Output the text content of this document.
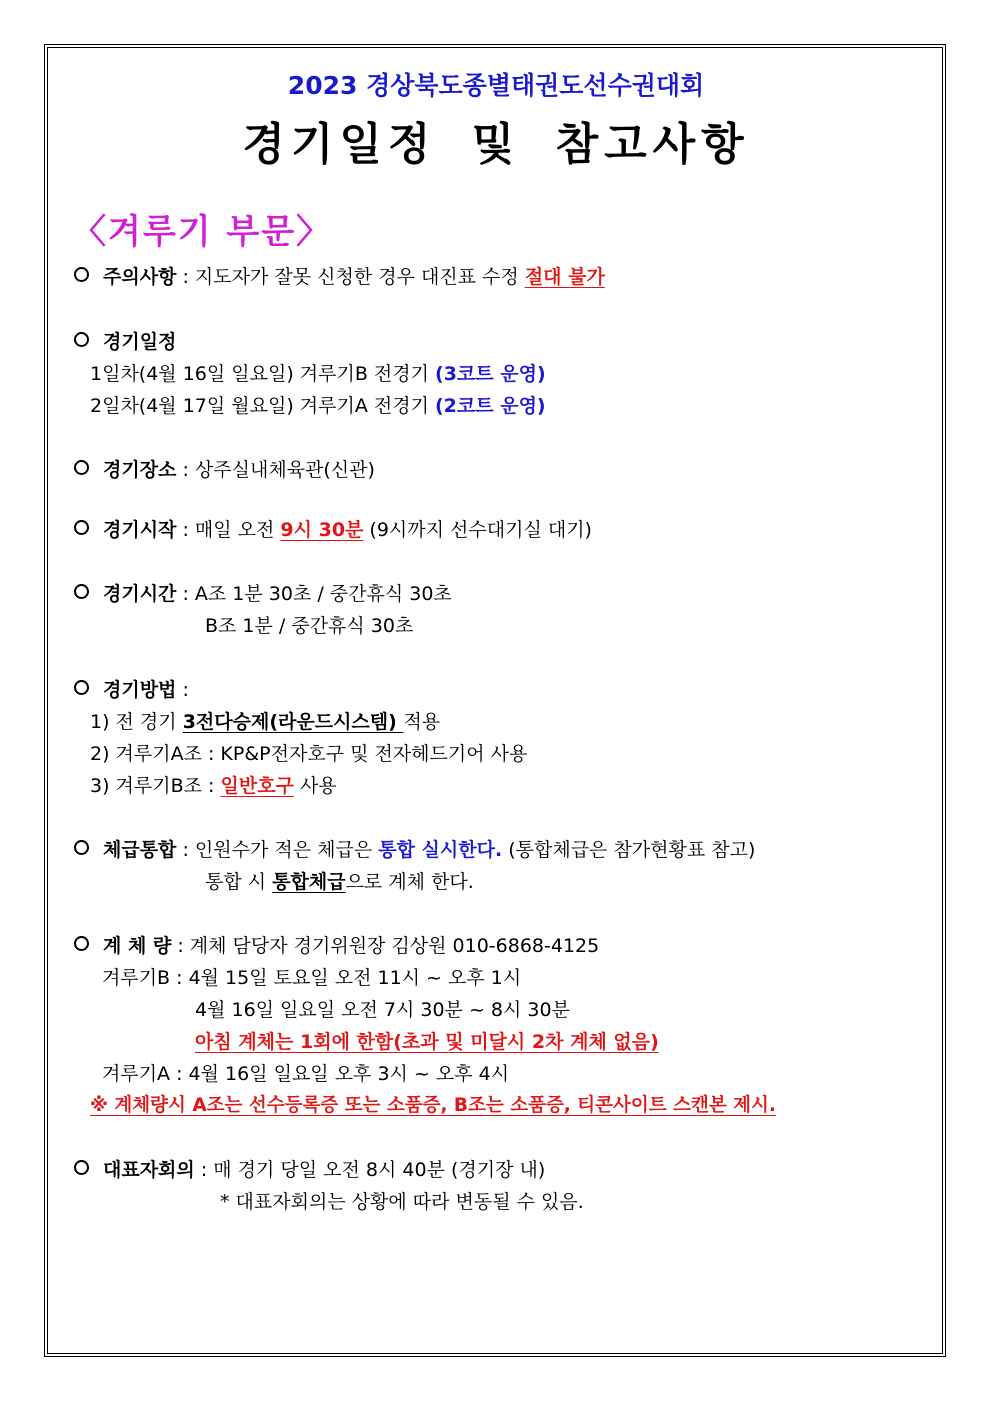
2023 경상북도종별태권도선수권대회
경기일정 및 참고사항
〈겨루기 부문〉
주의사항 : 지도자가 잘못 신청한 경우 대진표 수정 절대 불가
경기일정
1일차(4월 16일 일요일) 겨루기B 전경기 (3코트 운영)
2일차(4월 17일 월요일) 겨루기A 전경기 (2코트 운영)
경기장소 : 상주실내체육관(신관)
경기시작 : 매일 오전 9시 30분 (9시까지 선수대기실 대기)
경기시간 : A조 1분 30초 / 중간휴식 30초
B조 1분 / 중간휴식 30초
경기방법 :
1) 전 경기 3전다승제(라운드시스템) 적용
2) 겨루기A조 : KP&P전자호구 및 전자헤드기어 사용
3) 겨루기B조 : 일반호구 사용
체급통합 : 인원수가 적은 체급은 통합 실시한다. (통합체급은 참가현황표 참고)
통합 시 통합체급으로 계체 한다.
계 체 량 : 계체 담당자 경기위원장 김상원 010-6868-4125
겨루기B : 4월 15일 토요일 오전 11시 ~ 오후 1시
4월 16일 일요일 오전 7시 30분 ~ 8시 30분
아침 계체는 1회에 한함(초과 및 미달시 2차 계체 없음)
겨루기A : 4월 16일 일요일 오후 3시 ~ 오후 4시
※ 계체량시 A조는 선수등록증 또는 소품증, B조는 소품증, 티콘사이트 스캔본 제시.
대표자회의 : 매 경기 당일 오전 8시 40분 (경기장 내)
* 대표자회의는 상황에 따라 변동될 수 있음.
